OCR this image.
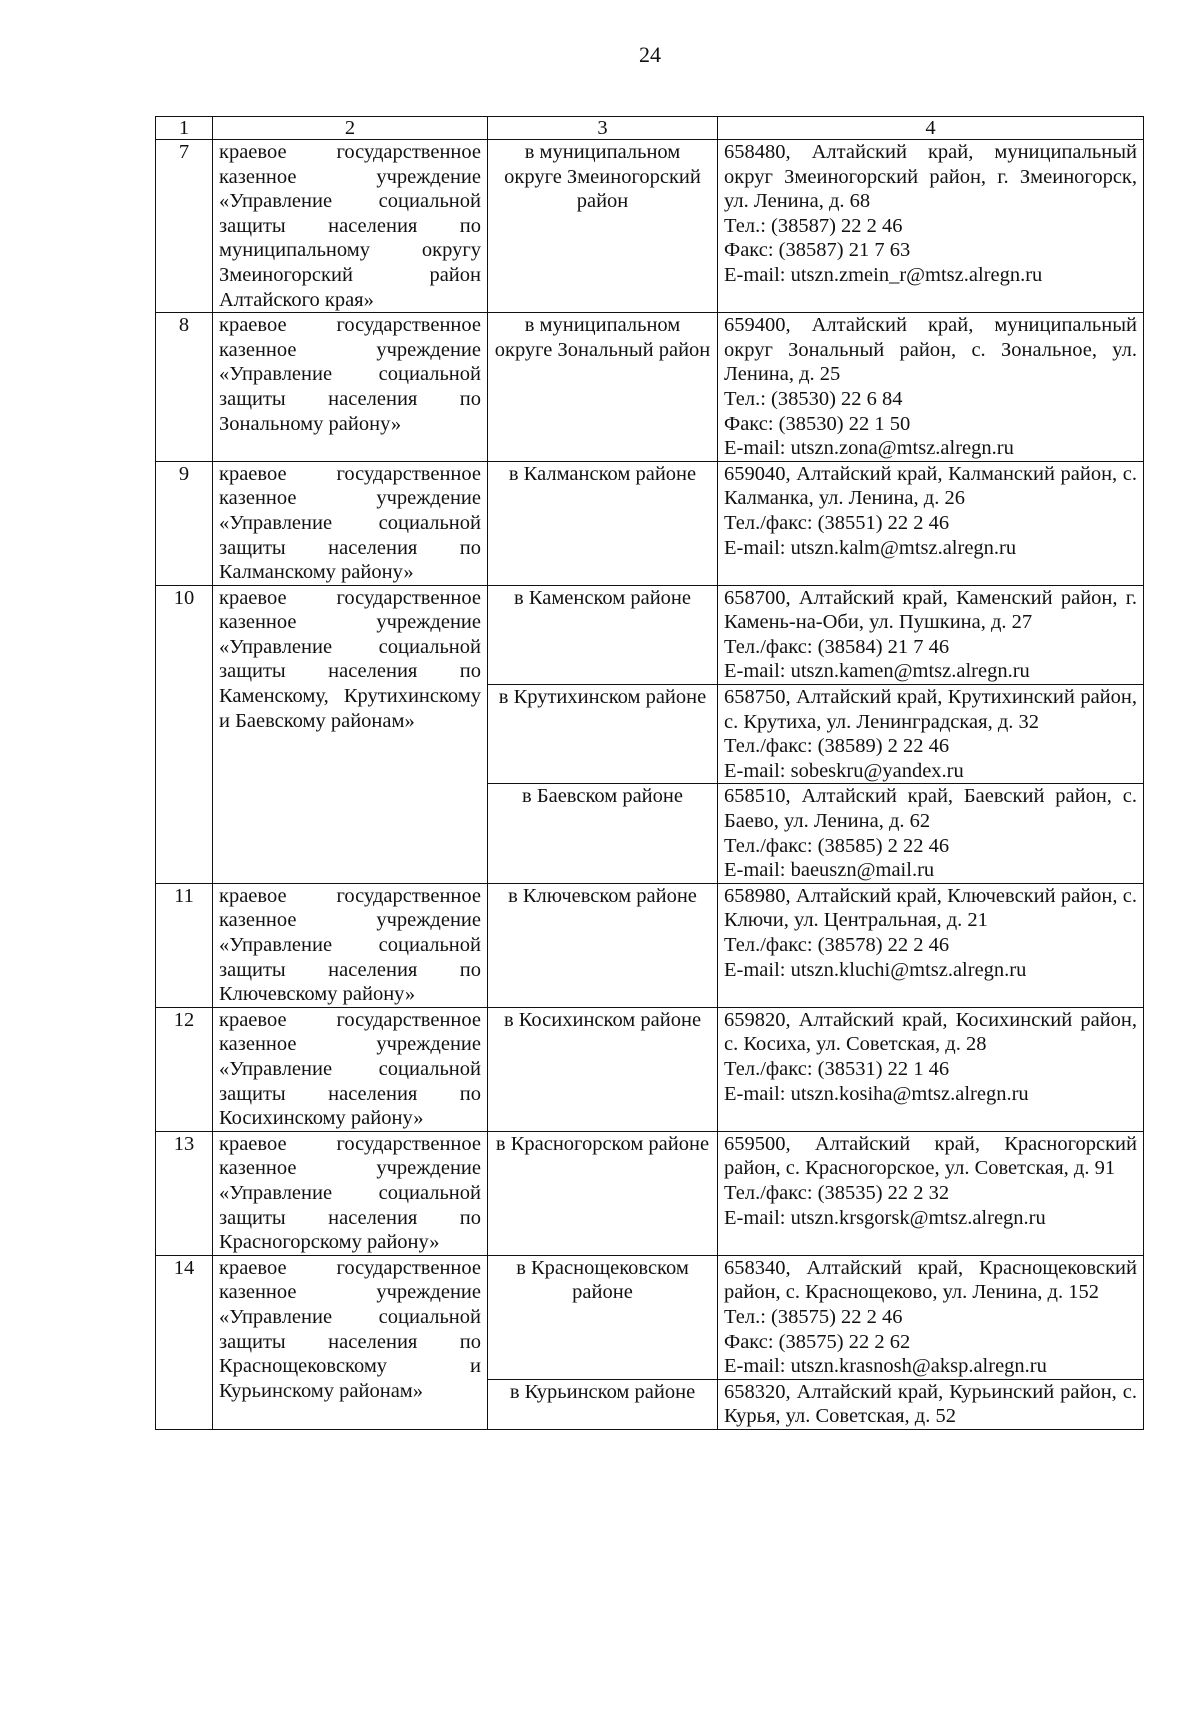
24
1	2	3	4
7	краевое государственное казенное учреждение «Управление социальной защиты населения по муниципальному округу Змеиногорский район Алтайского края»	в муниципальном округе Змеиногорский район	658480, Алтайский край, муниципальный округ Змеиногорский район, г. Змеиногорск, ул. Ленина, д. 68
Тел.: (38587) 22 2 46
Факс: (38587) 21 7 63
E-mail: utszn.zmein_r@mtsz.alregn.ru

8	краевое государственное казенное учреждение «Управление социальной защиты населения по Зональному району»	в муниципальном округе Зональный район	659400, Алтайский край, муниципальный округ Зональный район, с. Зональное, ул. Ленина, д. 25
Тел.: (38530) 22 6 84
Факс: (38530) 22 1 50
E-mail: utszn.zona@mtsz.alregn.ru

9	краевое государственное казенное учреждение «Управление социальной защиты населения по Калманскому району»	в Калманском районе	659040, Алтайский край, Калманский район, с. Калманка, ул. Ленина, д. 26
Тел./факс: (38551) 22 2 46
E-mail: utszn.kalm@mtsz.alregn.ru

10	краевое государственное казенное учреждение «Управление социальной защиты населения по Каменскому, Крутихинскому и Баевскому районам»	в Каменском районе	658700, Алтайский край, Каменский район, г. Камень-на-Оби, ул. Пушкина, д. 27
Тел./факс: (38584) 21 7 46
E-mail: utszn.kamen@mtsz.alregn.ru

		в Крутихинском районе	658750, Алтайский край, Крутихинский район, с. Крутиха, ул. Ленинградская, д. 32
Тел./факс: (38589) 2 22 46
E-mail: sobeskru@yandex.ru

		в Баевском районе	658510, Алтайский край, Баевский район, с. Баево, ул. Ленина, д. 62
Тел./факс: (38585) 2 22 46
E-mail: baeuszn@mail.ru

11	краевое государственное казенное учреждение «Управление социальной защиты населения по Ключевскому району»	в Ключевском районе	658980, Алтайский край, Ключевский район, с. Ключи, ул. Центральная, д. 21
Тел./факс: (38578) 22 2 46
E-mail: utszn.kluchi@mtsz.alregn.ru

12	краевое государственное казенное учреждение «Управление социальной защиты населения по Косихинскому району»	в Косихинском районе	659820, Алтайский край, Косихинский район, с. Косиха, ул. Советская, д. 28
Тел./факс: (38531) 22 1 46
E-mail: utszn.kosiha@mtsz.alregn.ru

13	краевое государственное казенное учреждение «Управление социальной защиты населения по Красногорскому району»	в Красногорском районе	659500, Алтайский край, Красногорский район, с. Красногорское, ул. Советская, д. 91
Тел./факс: (38535) 22 2 32
E-mail: utszn.krsgorsk@mtsz.alregn.ru

14	краевое государственное казенное учреждение «Управление социальной защиты населения по Краснощековскому и Курьинскому районам»	в Краснощековском районе	658340, Алтайский край, Краснощековский район, с. Краснощеково, ул. Ленина, д. 152
Тел.: (38575) 22 2 46
Факс: (38575) 22 2 62
E-mail: utszn.krasnosh@aksp.alregn.ru

		в Курьинском районе	658320, Алтайский край, Курьинский район, с. Курья, ул. Советская, д. 52
